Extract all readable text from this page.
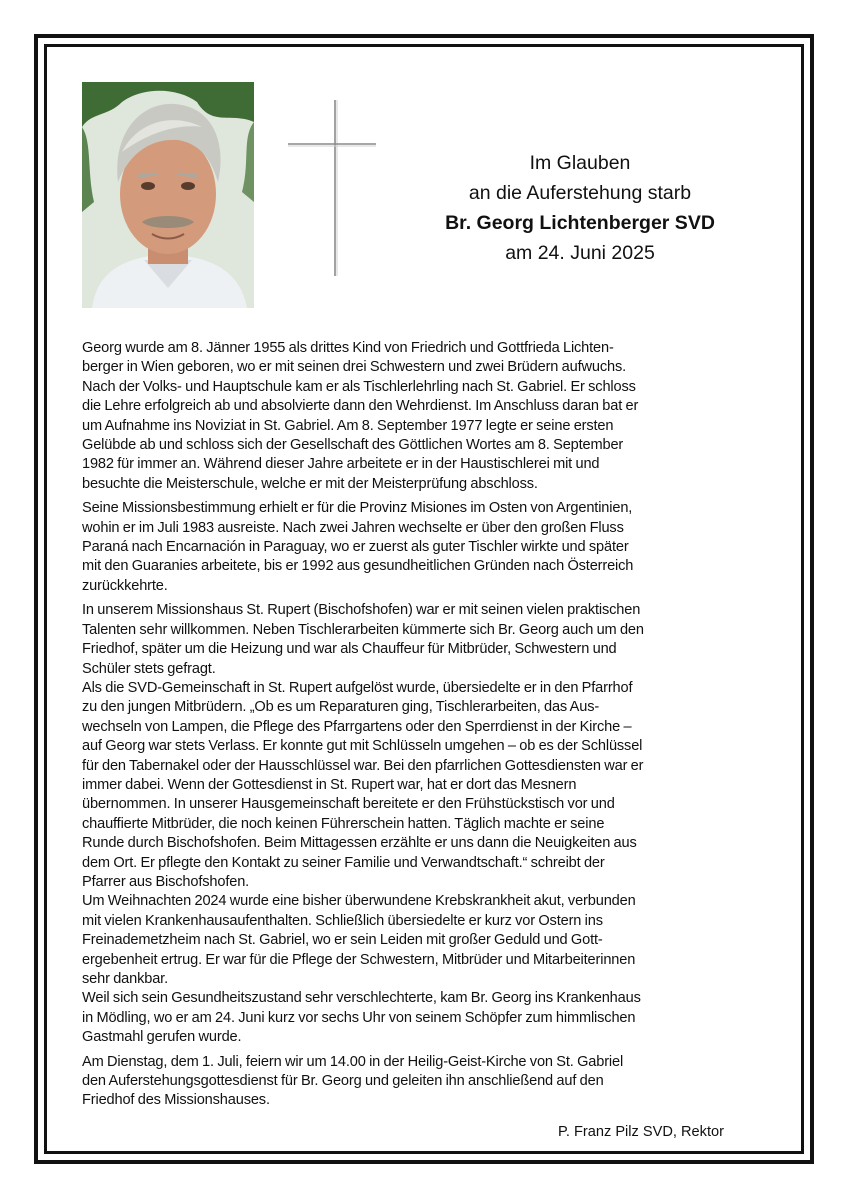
Im Glauben
an die Auferstehung starb
Br. Georg Lichtenberger SVD
am 24. Juni 2025

Georg wurde am 8. Jänner 1955 als drittes Kind von Friedrich und Gottfrieda Lichten-

berger in Wien geboren, wo er mit seinen drei Schwestern und zwei Brüdern aufwuchs.

Nach der Volks- und Hauptschule kam er als Tischlerlehrling nach St. Gabriel. Er schloss

die Lehre erfolgreich ab und absolvierte dann den Wehrdienst. Im Anschluss daran bat er

um Aufnahme ins Noviziat in St. Gabriel. Am 8. September 1977 legte er seine ersten

Gelübde ab und schloss sich der Gesellschaft des Göttlichen Wortes am 8. September

1982 für immer an. Während dieser Jahre arbeitete er in der Haustischlerei mit und

besuchte die Meisterschule, welche er mit der Meisterprüfung abschloss.

Seine Missionsbestimmung erhielt er für die Provinz Misiones im Osten von Argentinien,

wohin er im Juli 1983 ausreiste. Nach zwei Jahren wechselte er über den großen Fluss

Paraná nach Encarnación in Paraguay, wo er zuerst als guter Tischler wirkte und später

mit den Guaranies arbeitete, bis er 1992 aus gesundheitlichen Gründen nach Österreich

zurückkehrte.

In unserem Missionshaus St. Rupert (Bischofshofen) war er mit seinen vielen praktischen

Talenten sehr willkommen. Neben Tischlerarbeiten kümmerte sich Br. Georg auch um den

Friedhof, später um die Heizung und war als Chauffeur für Mitbrüder, Schwestern und

Schüler stets gefragt.

Als die SVD-Gemeinschaft in St. Rupert aufgelöst wurde, übersiedelte er in den Pfarrhof

zu den jungen Mitbrüdern. „Ob es um Reparaturen ging, Tischlerarbeiten, das Aus-

wechseln von Lampen, die Pflege des Pfarrgartens oder den Sperrdienst in der Kirche –

auf Georg war stets Verlass. Er konnte gut mit Schlüsseln umgehen – ob es der Schlüssel

für den Tabernakel oder der Hausschlüssel war. Bei den pfarrlichen Gottesdiensten war er

immer dabei. Wenn der Gottesdienst in St. Rupert war, hat er dort das Mesnern

übernommen. In unserer Hausgemeinschaft bereitete er den Frühstückstisch vor und

chauffierte Mitbrüder, die noch keinen Führerschein hatten. Täglich machte er seine

Runde durch Bischofshofen. Beim Mittagessen erzählte er uns dann die Neuigkeiten aus

dem Ort. Er pflegte den Kontakt zu seiner Familie und Verwandtschaft.“ schreibt der

Pfarrer aus Bischofshofen.

Um Weihnachten 2024 wurde eine bisher überwundene Krebskrankheit akut, verbunden

mit vielen Krankenhausaufenthalten. Schließlich übersiedelte er kurz vor Ostern ins

Freinademetzheim nach St. Gabriel, wo er sein Leiden mit großer Geduld und Gott-

ergebenheit ertrug. Er war für die Pflege der Schwestern, Mitbrüder und Mitarbeiterinnen

sehr dankbar.

Weil sich sein Gesundheitszustand sehr verschlechterte, kam Br. Georg ins Krankenhaus

in Mödling, wo er am 24. Juni kurz vor sechs Uhr von seinem Schöpfer zum himmlischen

Gastmahl gerufen wurde.

Am Dienstag, dem 1. Juli, feiern wir um 14.00 in der Heilig-Geist-Kirche von St. Gabriel

den Auferstehungsgottesdienst für Br. Georg und geleiten ihn anschließend auf den

Friedhof des Missionshauses.

P. Franz Pilz SVD, Rektor
